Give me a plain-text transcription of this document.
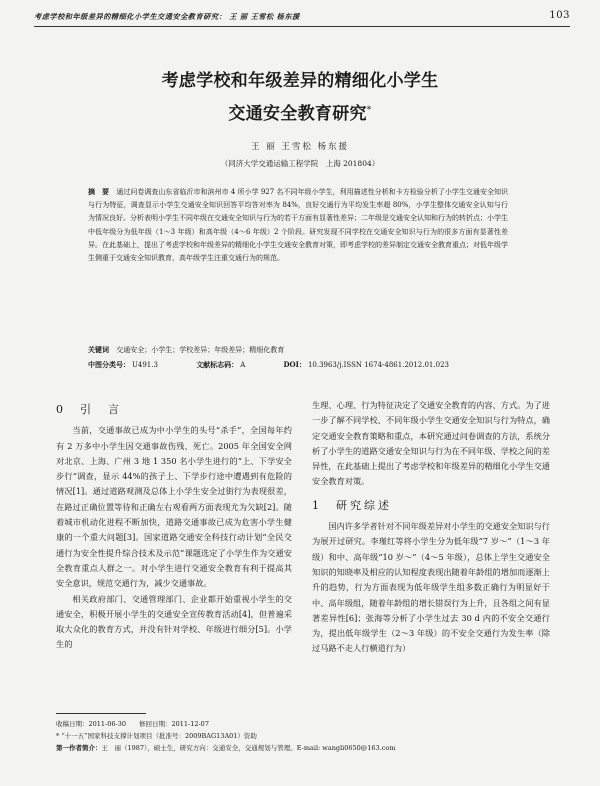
考虑学校和年级差异的精细化小学生交通安全教育研究： 王 丽 王雪松 杨东援	103
考虑学校和年级差异的精细化小学生
交通安全教育研究*
王 丽 王雪松 杨东援
（同济大学交通运输工程学院　上海 201804）
摘　要 通过问卷调查山东省临沂市和滨州市 4 所小学 927 名不同年级小学生，利用描述性分析和卡方检验分析了小学生交通安全知识与行为特征，调查显示小学生交通安全知识回答平均答对率为 84%，良好交通行为平均发生率超 80%，小学生整体交通安全认知与行为情况良好。分析表明小学生不同年级在交通安全知识与行为的若干方面有显著性差异；二年级是交通安全认知和行为的转折点；小学生中低年级分为低年级（1～3 年级）和高年级（4～6 年级）2 个阶段。研究发现不同学校在交通安全知识与行为的很多方面有显著性差异。在此基础上，提出了考虑学校和年级差异的精细化小学生交通安全教育对策，即考虑学校的差异制定交通安全教育重点；对低年级学生侧重于交通安全知识教育，高年级学生注重交通行为的规范。
关键词 交通安全；小学生；学校差异；年级差异；精细化教育
中图分类号： U491.3	文献标志码： A	DOI： 10.3963/j.ISSN 1674-4861.2012.01.023
0　引　言

当前，交通事故已成为中小学生的头号“杀手”，全国每年约有 2 万多中小学生因交通事故伤残、死亡。2005 年全国安全网对北京、上海、广州 3 地 1 350 名小学生进行的“上、下学安全步行”调查，显示 44%的孩子上、下学步行途中遭遇到有危险的情况[1]。通过道路观测及总体上小学生安全过街行为表现很差，在路过正确位置等待和正确左右观看两方面表现尤为欠缺[2]。随着城市机动化进程不断加快，道路交通事故已成为危害小学生健康的一个重大问题[3]。国家道路交通安全科技行动计划“全民交通行为安全性提升综合技术及示范”课题选定了小学生作为交通安全教育重点人群之一。对小学生进行交通安全教育有利于提高其安全意识，规范交通行为，减少交通事故。

相关政府部门、交通管理部门、企业都开始重视小学生的交通安全，积极开展小学生的交通安全宣传教育活动[4]，但普遍采取大众化的教育方式，并没有针对学校、年级进行细分[5]。小学生的

生理、心理、行为特征决定了交通安全教育的内容、方式。为了进一步了解不同学校、不同年级小学生交通安全知识与行为特点，确定交通安全教育策略和重点，本研究通过问卷调查的方法，系统分析了小学生的道路交通安全知识与行为在不同年级、学校之间的差异性，在此基础上提出了考虑学校和年级差异的精细化小学生交通安全教育对策。

1　研究综述

国内许多学者针对不同年级差异对小学生的交通安全知识与行为展开过研究。李瑾红等将小学生分为低年级“7 岁～”（1～3 年级）和中、高年级“10 岁～”（4～5 年级），总体上学生交通安全知识的知晓率及相应的认知程度表现出随着年龄组的增加而逐渐上升的趋势，行为方面表现为低年级学生组多数正确行为明显好于中、高年级组，随着年龄组的增长错误行为上升，且各组之间有显著差异性[6]；张海等分析了小学生过去 30 d 内的不安全交通行为，提出低年级学生（2～3 年级）的不安全交通行为发生率（除过马路不走人行横道行为）

收稿日期：2011-06-30　　修回日期：2011-12-07
* “十一五”国家科技支撑计划项目（批准号：2009BAG13A01）资助
第一作者简介：王　丽（1987），硕士生，研究方向：交通安全，交通规划与管理。E-mail: wangli0650@163.com
